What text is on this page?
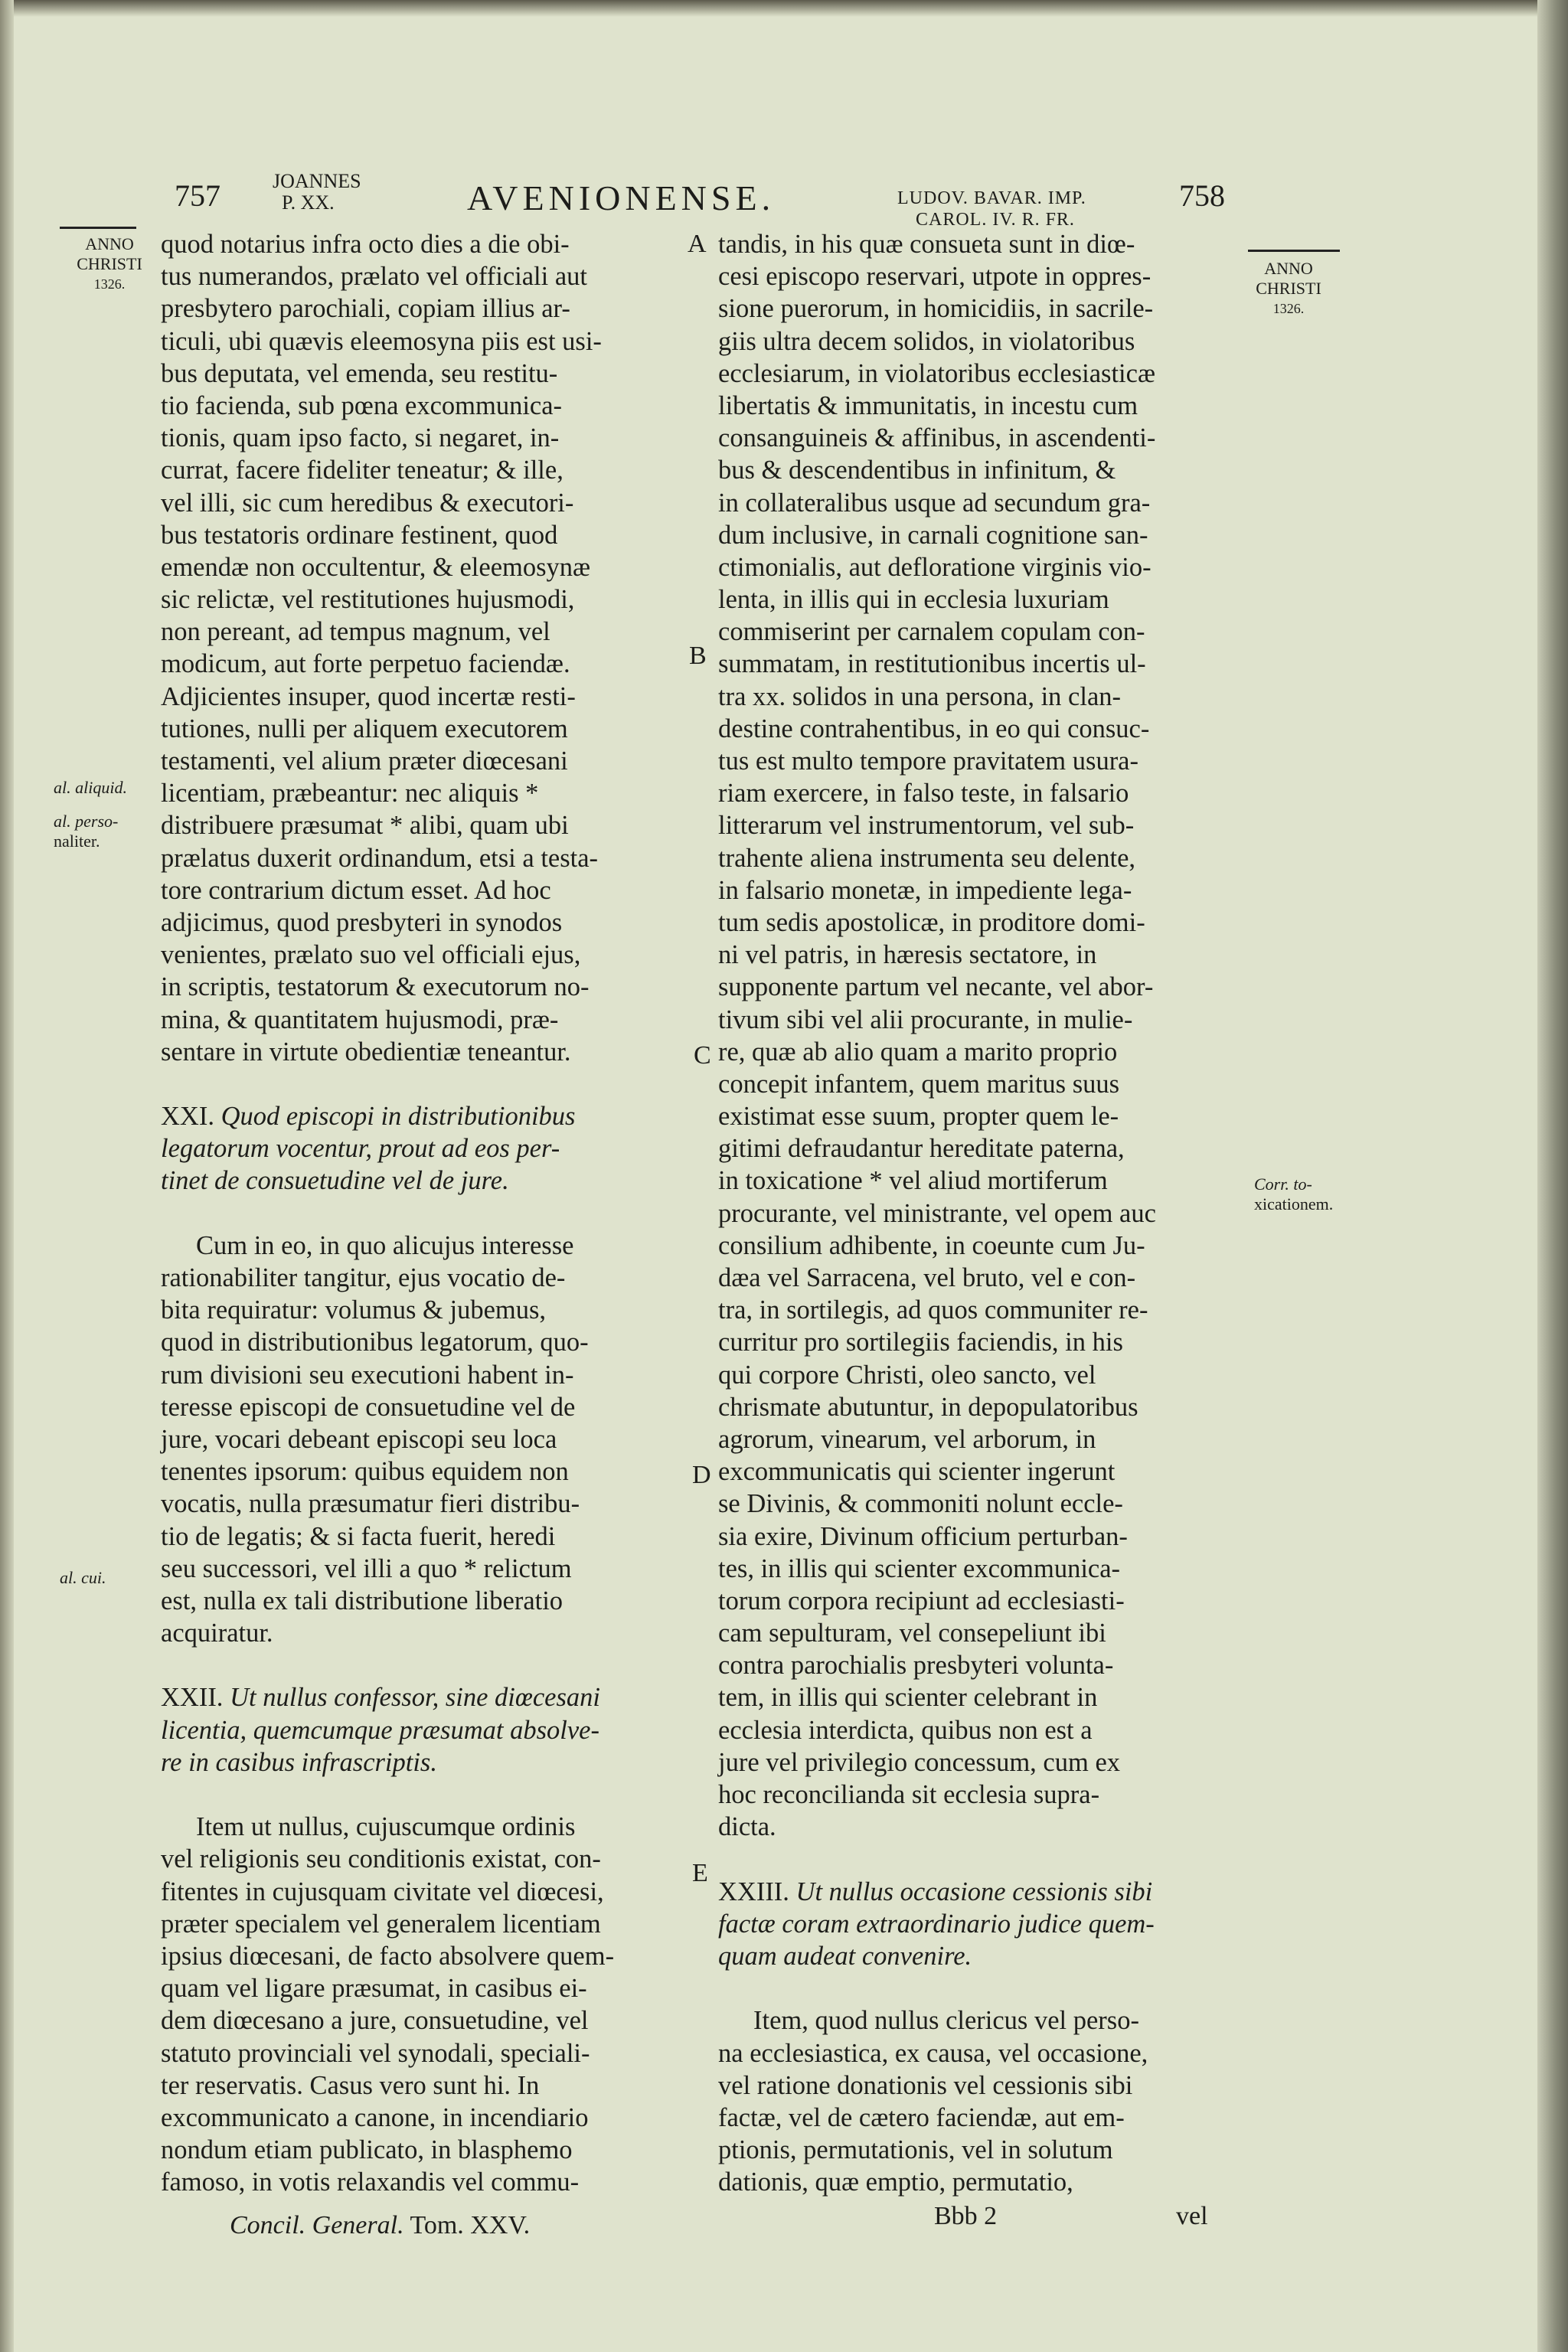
757	JOANNES
P. XX.	AVENIONENSE.	LUDOV. BAVAR. IMP.
CAROL. IV. R. FR.
758
ANNO
CHRISTI
1326.
ANNO
CHRISTI
1326.
al. aliquid.
al. perso-
naliter.
al. cui.
Corr. to-
xicationem.
A
B
C
D
E
quod notarius infra octo dies a die obi-
tus numerandos, prælato vel officiali aut
presbytero parochiali, copiam illius ar-
ticuli, ubi quævis eleemosyna piis est usi-
bus deputata, vel emenda, seu restitu-
tio facienda, sub pœna excommunica-
tionis, quam ipso facto, si negaret, in-
currat, facere fideliter teneatur; & ille,
vel illi, sic cum heredibus & executori-
bus testatoris ordinare festinent, quod
emendæ non occultentur, & eleemosynæ
sic relictæ, vel restitutiones hujusmodi,
non pereant, ad tempus magnum, vel
modicum, aut forte perpetuo faciendæ.
Adjicientes insuper, quod incertæ resti-
tutiones, nulli per aliquem executorem
testamenti, vel alium præter diœcesani
licentiam, præbeantur: nec aliquis *
distribuere præsumat * alibi, quam ubi
prælatus duxerit ordinandum, etsi a testa-
tore contrarium dictum esset. Ad hoc
adjicimus, quod presbyteri in synodos
venientes, prælato suo vel officiali ejus,
in scriptis, testatorum & executorum no-
mina, & quantitatem hujusmodi, præ-
sentare in virtute obedientiæ teneantur.
XXI. Quod episcopi in distributionibus
legatorum vocentur, prout ad eos per-
tinet de consuetudine vel de jure.
Cum in eo, in quo alicujus interesse
rationabiliter tangitur, ejus vocatio de-
bita requiratur: volumus & jubemus,
quod in distributionibus legatorum, quo-
rum divisioni seu executioni habent in-
teresse episcopi de consuetudine vel de
jure, vocari debeant episcopi seu loca
tenentes ipsorum: quibus equidem non
vocatis, nulla præsumatur fieri distribu-
tio de legatis; & si facta fuerit, heredi
seu successori, vel illi a quo * relictum
est, nulla ex tali distributione liberatio
acquiratur.
XXII. Ut nullus confessor, sine diœcesani
licentia, quemcumque præsumat absolve-
re in casibus infrascriptis.
Item ut nullus, cujuscumque ordinis
vel religionis seu conditionis existat, con-
fitentes in cujusquam civitate vel diœcesi,
præter specialem vel generalem licentiam
ipsius diœcesani, de facto absolvere quem-
quam vel ligare præsumat, in casibus ei-
dem diœcesano a jure, consuetudine, vel
statuto provinciali vel synodali, speciali-
ter reservatis. Casus vero sunt hi. In
excommunicato a canone, in incendiario
nondum etiam publicato, in blasphemo
famoso, in votis relaxandis vel commu-
tandis, in his quæ consueta sunt in diœ-
cesi episcopo reservari, utpote in oppres-
sione puerorum, in homicidiis, in sacrile-
giis ultra decem solidos, in violatoribus
ecclesiarum, in violatoribus ecclesiasticæ
libertatis & immunitatis, in incestu cum
consanguineis & affinibus, in ascendenti-
bus & descendentibus in infinitum, &
in collateralibus usque ad secundum gra-
dum inclusive, in carnali cognitione san-
ctimonialis, aut defloratione virginis vio-
lenta, in illis qui in ecclesia luxuriam
commiserint per carnalem copulam con-
summatam, in restitutionibus incertis ul-
tra xx. solidos in una persona, in clan-
destine contrahentibus, in eo qui consuc-
tus est multo tempore pravitatem usura-
riam exercere, in falso teste, in falsario
litterarum vel instrumentorum, vel sub-
trahente aliena instrumenta seu delente,
in falsario monetæ, in impediente lega-
tum sedis apostolicæ, in proditore domi-
ni vel patris, in hæresis sectatore, in
supponente partum vel necante, vel abor-
tivum sibi vel alii procurante, in mulie-
re, quæ ab alio quam a marito proprio
concepit infantem, quem maritus suus
existimat esse suum, propter quem le-
gitimi defraudantur hereditate paterna,
in toxicatione * vel aliud mortiferum
procurante, vel ministrante, vel opem auc
consilium adhibente, in coeunte cum Ju-
dæa vel Sarracena, vel bruto, vel e con-
tra, in sortilegis, ad quos communiter re-
curritur pro sortilegiis faciendis, in his
qui corpore Christi, oleo sancto, vel
chrismate abutuntur, in depopulatoribus
agrorum, vinearum, vel arborum, in
excommunicatis qui scienter ingerunt
se Divinis, & commoniti nolunt eccle-
sia exire, Divinum officium perturban-
tes, in illis qui scienter excommunica-
torum corpora recipiunt ad ecclesiasti-
cam sepulturam, vel consepeliunt ibi
contra parochialis presbyteri volunta-
tem, in illis qui scienter celebrant in
ecclesia interdicta, quibus non est a
jure vel privilegio concessum, cum ex
hoc reconcilianda sit ecclesia supra-
dicta.
XXIII. Ut nullus occasione cessionis sibi
factæ coram extraordinario judice quem-
quam audeat convenire.
Item, quod nullus clericus vel perso-
na ecclesiastica, ex causa, vel occasione,
vel ratione donationis vel cessionis sibi
factæ, vel de cætero faciendæ, aut em-
ptionis, permutationis, vel in solutum
dationis, quæ emptio, permutatio,
Concil. General. Tom. XXV.	Bbb 2	vel
